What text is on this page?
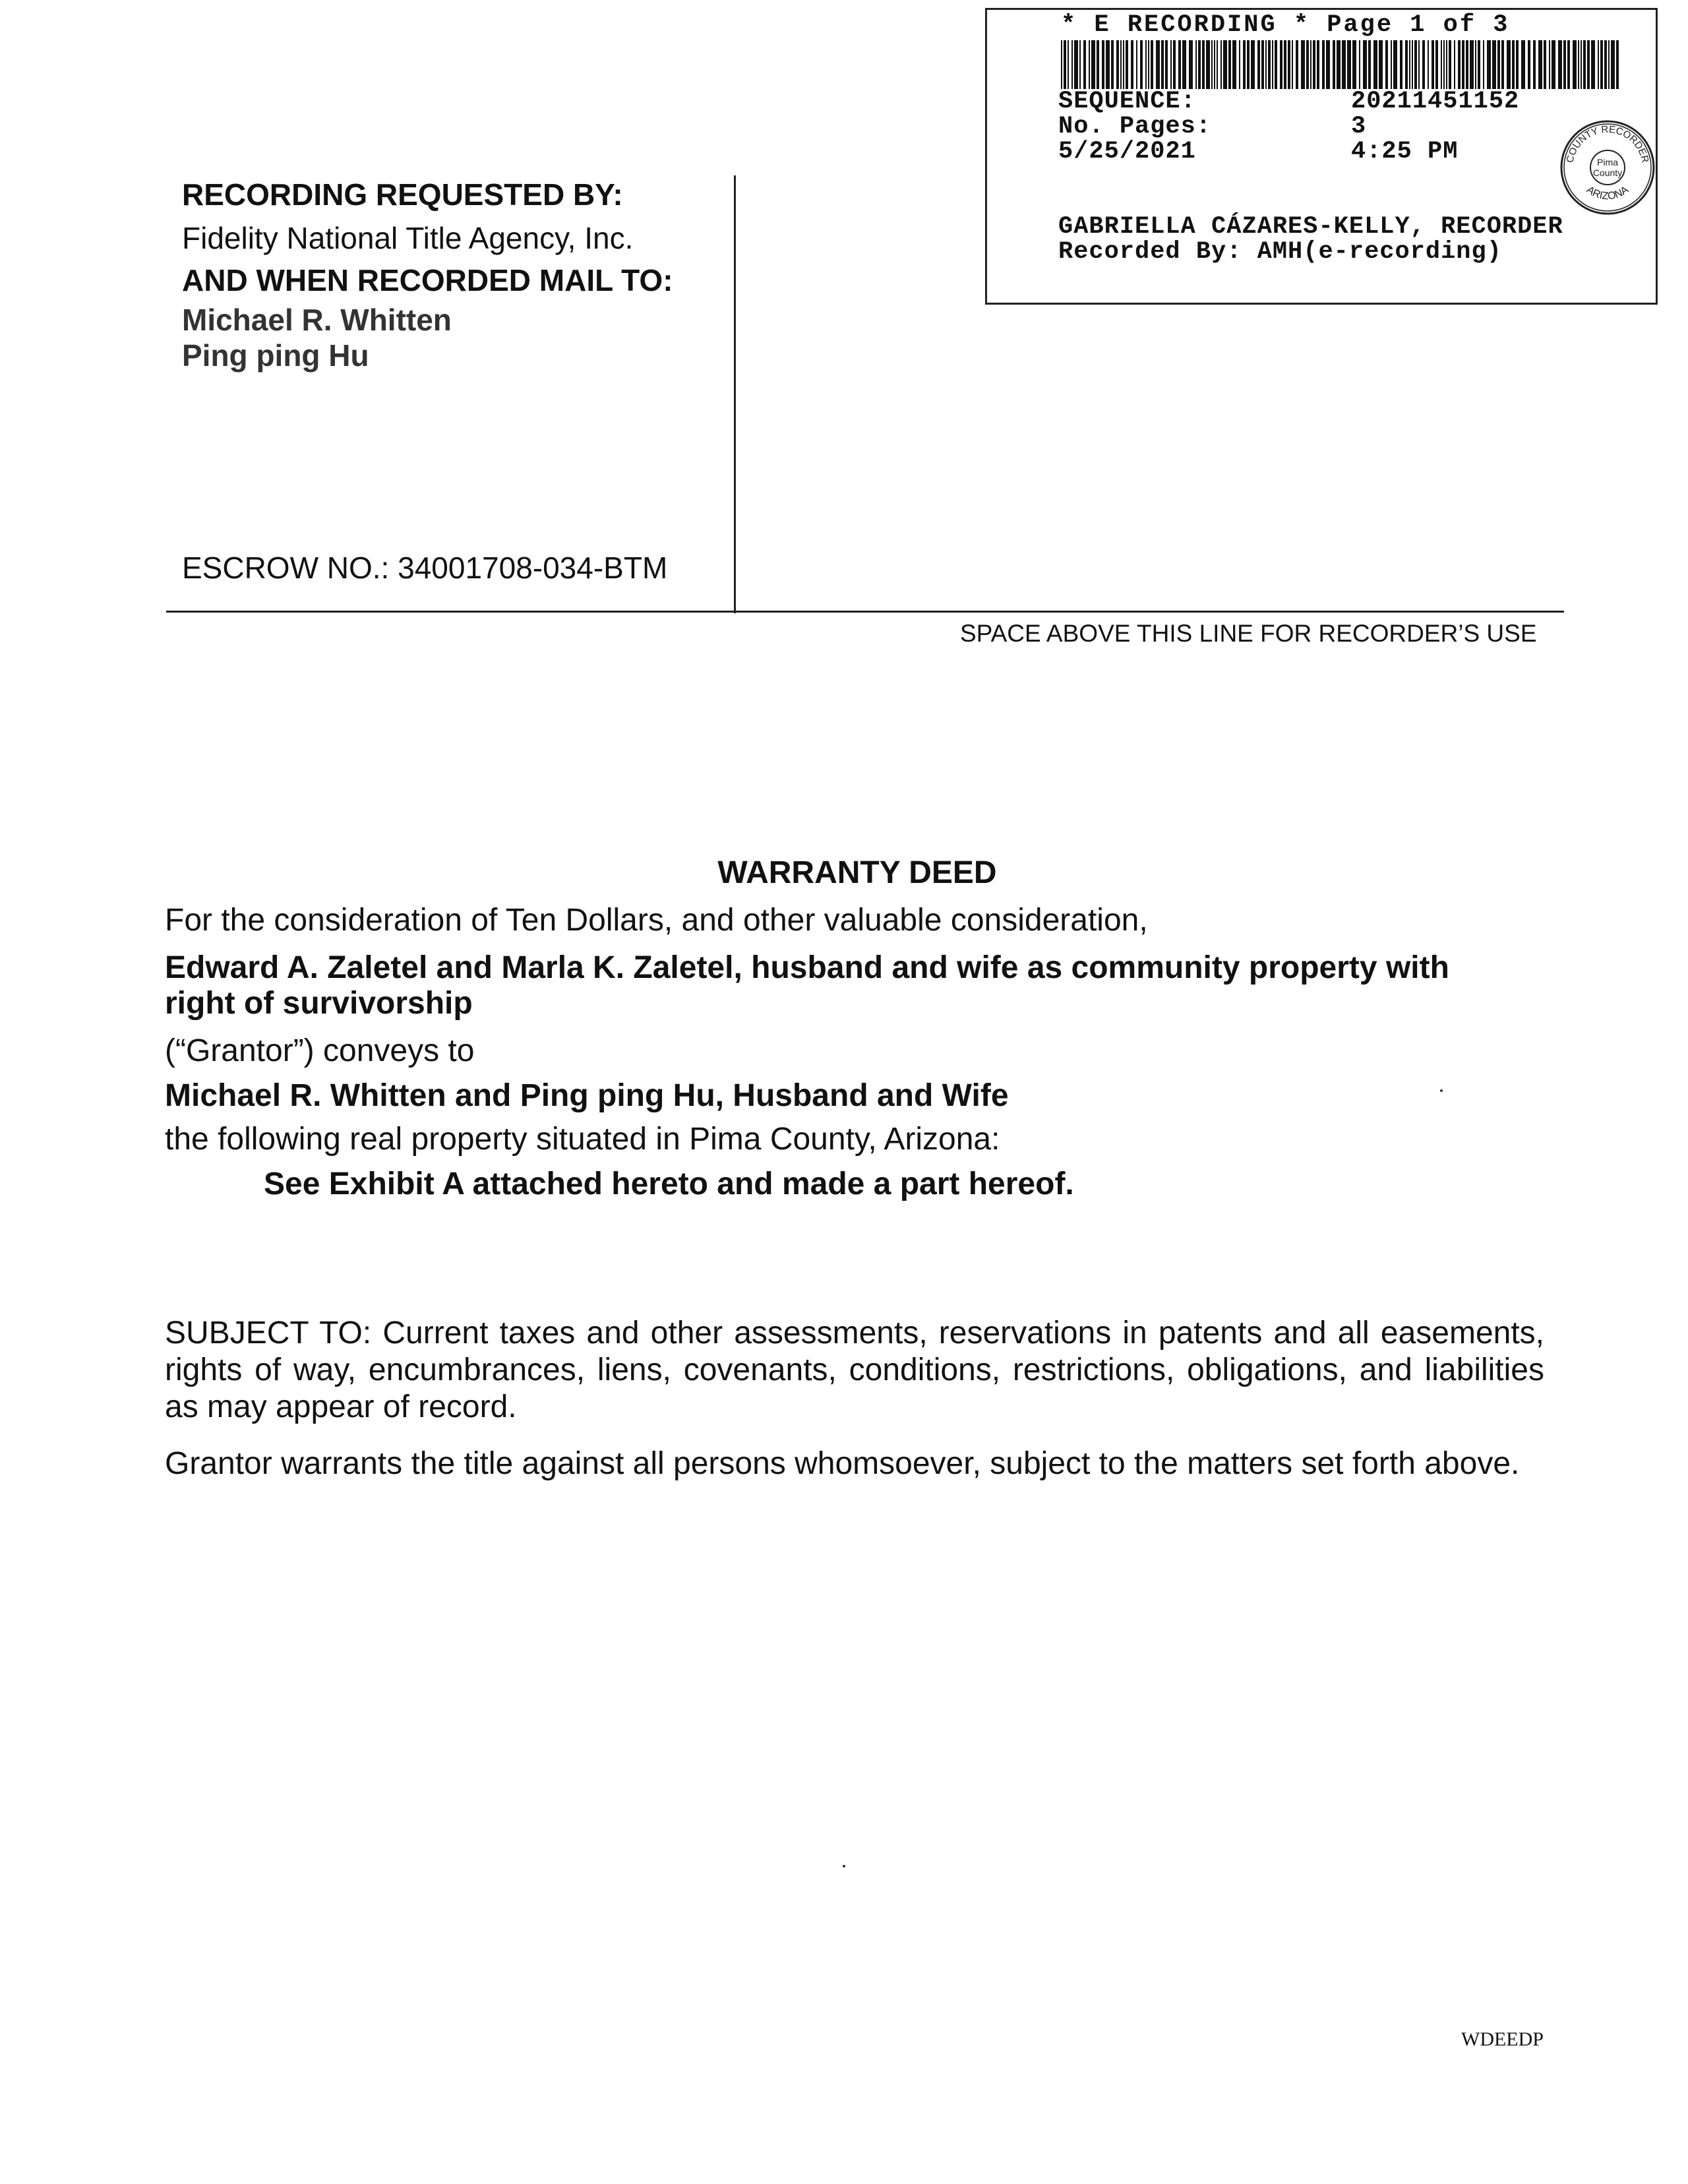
* E RECORDING * Page 1 of 3
SEQUENCE:	20211451152
No. Pages:	3
5/25/2021	4:25 PM
GABRIELLA CÁZARES-KELLY, RECORDER
Recorded By: AMH(e-recording)
COUNTY RECORDER
ARIZONA
Pima
County
RECORDING REQUESTED BY:
Fidelity National Title Agency, Inc.
AND WHEN RECORDED MAIL TO:
Michael R. Whitten
Ping ping Hu
ESCROW NO.: 34001708-034-BTM
SPACE ABOVE THIS LINE FOR RECORDER’S USE
WARRANTY DEED
For the consideration of Ten Dollars, and other valuable consideration,
Edward A. Zaletel and Marla K. Zaletel, husband and wife as community property with
right of survivorship
(“Grantor”) conveys to
Michael R. Whitten and Ping ping Hu, Husband and Wife
the following real property situated in Pima County, Arizona:
See Exhibit A attached hereto and made a part hereof.
SUBJECT TO: Current taxes and other assessments, reservations in patents and all easements, rights of way, encumbrances, liens, covenants, conditions, restrictions, obligations, and liabilities as may appear of record.
Grantor warrants the title against all persons whomsoever, subject to the matters set forth above.
WDEEDP
